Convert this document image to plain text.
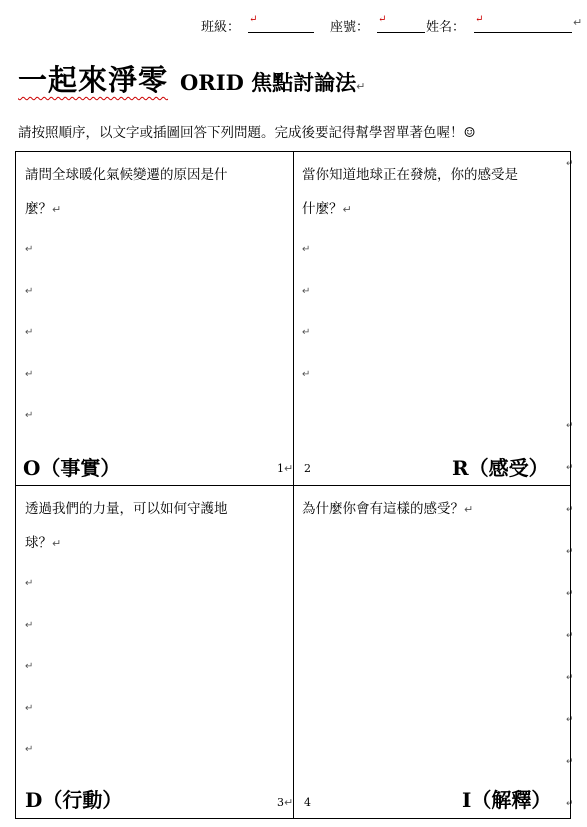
班級：
↵
座號：
↵
姓名：
↵	↵
一起來淨零 ORID 焦點討論法↵
請按照順序，以文字或插圖回答下列問題。完成後要記得幫學習單著色喔！☺
↵
↵
↵
↵
↵
↵
↵
↵
↵
↵
↵
請問全球暖化氣候變遷的原因是什
麼？↵
↵
↵
↵
↵
↵
O（事實）	1↵
當你知道地球正在發燒，你的感受是
什麼？↵
↵
↵
↵
↵
2	R（感受）
透過我們的力量，可以如何守護地
球？↵
↵
↵
↵
↵
↵
D（行動）	3↵
為什麼你會有這樣的感受？↵
4	I（解釋）
